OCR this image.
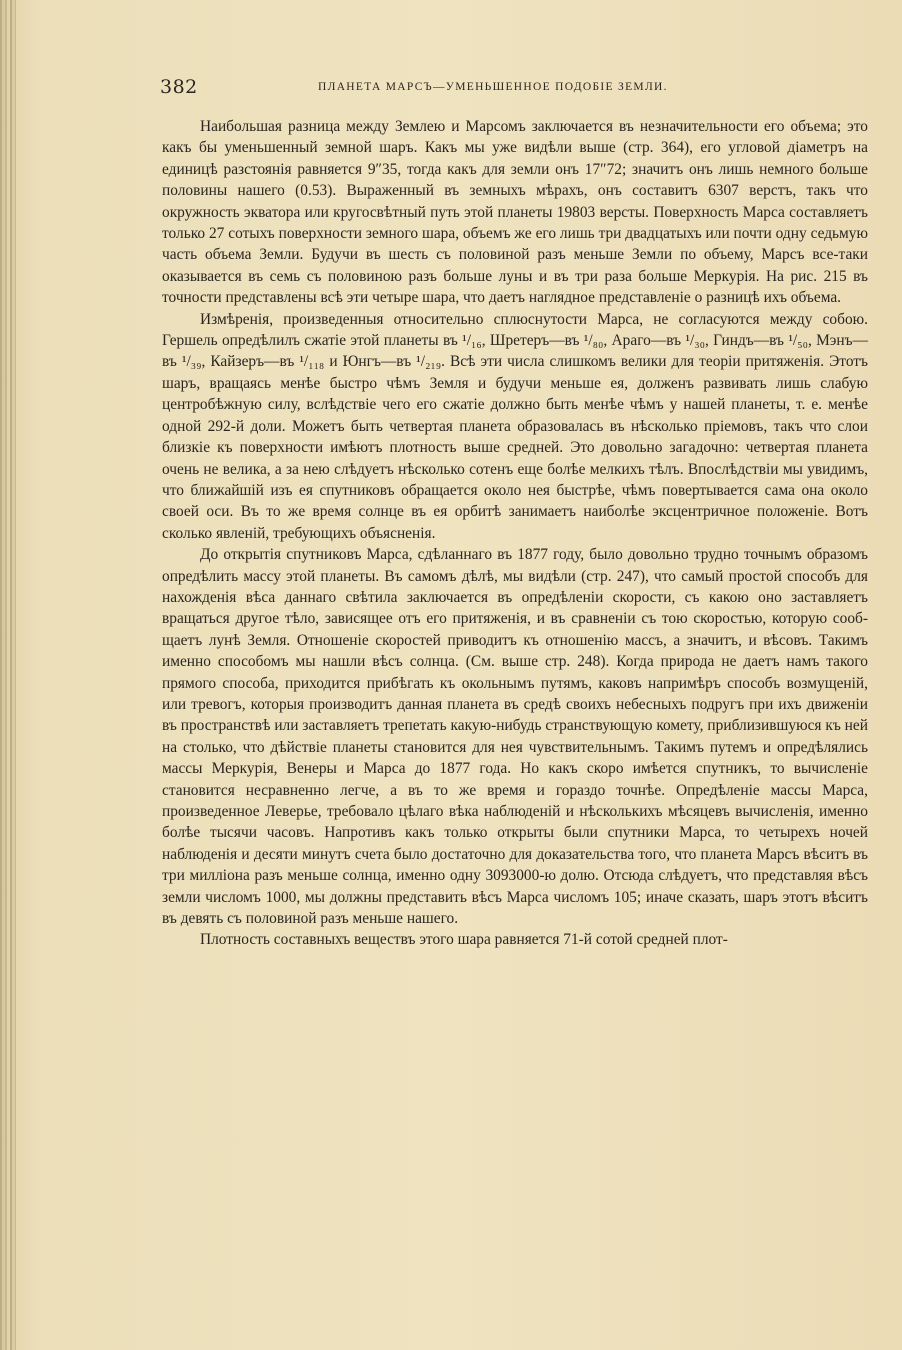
382	ПЛАНЕТА МАРСЪ—УМЕНЬШЕННОЕ ПОДОБІЕ ЗЕМЛИ.

Наибольшая разница между Землею и Марсомъ заключается въ незначительности его объема; это какъ бы уменьшенный земной шаръ. Какъ мы уже видѣли выше (стр. 364), его угловой діаметръ на единицѣ разстоянія равняется 9″35, тогда какъ для земли онъ 17″72; значитъ онъ лишь немного больше половины нашего (0.53). Выраженный въ земныхъ мѣрахъ, онъ составитъ 6307 верстъ, такъ что окружность экватора или кругосвѣтный путь этой планеты 19803 версты. Поверхность Марса составляетъ только 27 сотыхъ поверхности земного шара, объемъ же его лишь три двадцатыхъ или почти одну седьмую часть объема Земли. Будучи въ шесть съ половиной разъ меньше Земли по объему, Марсъ все-таки оказывается въ семь съ половиною разъ больше луны и въ три раза больше Меркурія. На рис. 215 въ точности представлены всѣ эти четыре шара, что даетъ наглядное представленіе о разницѣ ихъ объема.

Измѣренія, произведенныя относительно сплюснутости Марса, не согласуются между собою. Гершель опредѣлилъ сжатіе этой планеты въ ¹/₁₆, Шретеръ—въ ¹/₈₀, Араго—въ ¹/₃₀, Гиндъ—въ ¹/₅₀, Мэнъ—въ ¹/₃₉, Кайзеръ—въ ¹/₁₁₈ и Юнгъ—въ ¹/₂₁₉. Всѣ эти числа слишкомъ велики для теоріи притяженія. Этотъ шаръ, вращаясь менѣе быстро чѣмъ Земля и будучи меньше ея, долженъ развивать лишь слабую центробѣжную силу, вслѣдствіе чего его сжатіе должно быть менѣе чѣмъ у нашей планеты, т. е. менѣе одной 292-й доли. Можетъ быть четвертая планета образовалась въ нѣсколько пріемовъ, такъ что слои близкіе къ поверхности имѣютъ плотность выше средней. Это довольно загадочно: четвертая планета очень не велика, а за нею слѣдуетъ нѣсколько сотенъ еще болѣе мелкихъ тѣлъ. Впослѣдствіи мы увидимъ, что ближайшій изъ ея спутниковъ обращается около нея быстрѣе, чѣмъ повертывается сама она около своей оси. Въ то же время солнце въ ея орбитѣ занимаетъ наиболѣе эксцентричное положеніе. Вотъ сколько явленій, требующихъ объясненія.

До открытія спутниковъ Марса, сдѣланнаго въ 1877 году, было довольно трудно точнымъ образомъ опредѣлить массу этой планеты. Въ самомъ дѣлѣ, мы видѣли (стр. 247), что самый простой способъ для нахожденія вѣса даннаго свѣтила заключается въ опредѣленіи скорости, съ какою оно заставляетъ вращаться другое тѣло, зависящее отъ его притяженія, и въ сравненіи съ тою скоростью, которую сообщаетъ лунѣ Земля. Отношеніе скоростей приводитъ къ отношенію массъ, а значитъ, и вѣсовъ. Такимъ именно способомъ мы нашли вѣсъ солнца. (См. выше стр. 248). Когда природа не даетъ намъ такого прямого способа, приходится прибѣгать къ окольнымъ путямъ, каковъ напримѣръ способъ возмущеній, или тревогъ, которыя производитъ данная планета въ средѣ своихъ небесныхъ подругъ при ихъ движеніи въ пространствѣ или заставляетъ трепетать какую-нибудь странствующую комету, приблизившуюся къ ней на столько, что дѣйствіе планеты становится для нея чувствительнымъ. Такимъ путемъ и опредѣлялись массы Меркурія, Венеры и Марса до 1877 года. Но какъ скоро имѣется спутникъ, то вычисленіе становится несравненно легче, а въ то же время и гораздо точнѣе. Опредѣленіе массы Марса, произведенное Леверье, требовало цѣлаго вѣка наблюденій и нѣсколькихъ мѣсяцевъ вычисленія, именно болѣе тысячи часовъ. Напротивъ какъ только открыты были спутники Марса, то четырехъ ночей наблюденія и десяти минутъ счета было достаточно для доказательства того, что планета Марсъ вѣситъ въ три милліона разъ меньше солнца, именно одну 3093000-ю долю. Отсюда слѣдуетъ, что представляя вѣсъ земли числомъ 1000, мы должны представить вѣсъ Марса числомъ 105; иначе сказать, шаръ этотъ вѣситъ въ девять съ половиной разъ меньше нашего.

Плотность составныхъ веществъ этого шара равняется 71-й сотой средней плот-
